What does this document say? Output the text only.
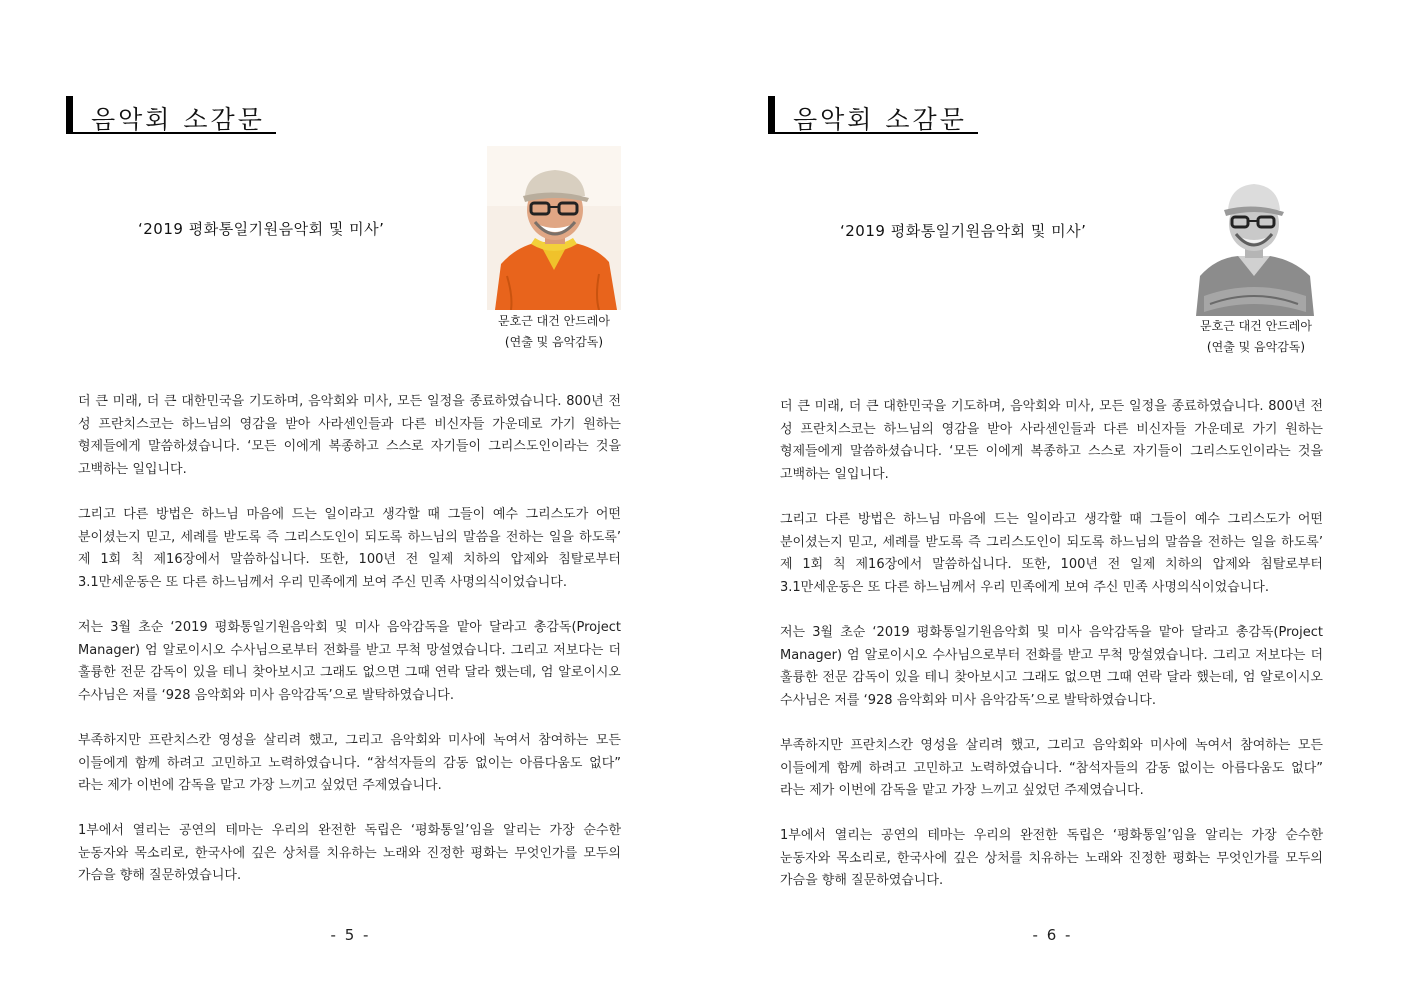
음악회 소감문
‘2019 평화통일기원음악회 및 미사’
문호근 대건 안드레아
(연출 및 음악감독)

더 큰 미래, 더 큰 대한민국을 기도하며, 음악회와 미사, 모든 일정을 종료하였습니다. 800년 전 성 프란치스코는 하느님의 영감을 받아 사라센인들과 다른 비신자들 가운데로 가기 원하는 형제들에게 말씀하셨습니다. ‘모든 이에게 복종하고 스스로 자기들이 그리스도인이라는 것을 고백하는 일입니다.

그리고 다른 방법은 하느님 마음에 드는 일이라고 생각할 때 그들이 예수 그리스도가 어떤 분이셨는지 믿고, 세례를 받도록 즉 그리스도인이 되도록 하느님의 말씀을 전하는 일을 하도록’ 제 1회 칙 제16장에서 말씀하십니다. 또한, 100년 전 일제 치하의 압제와 침탈로부터 3.1만세운동은 또 다른 하느님께서 우리 민족에게 보여 주신 민족 사명의식이었습니다.

저는 3월 초순 ‘2019 평화통일기원음악회 및 미사 음악감독을 맡아 달라고 총감독(Project Manager) 엄 알로이시오 수사님으로부터 전화를 받고 무척 망설였습니다. 그리고 저보다는 더 훌륭한 전문 감독이 있을 테니 찾아보시고 그래도 없으면 그때 연락 달라 했는데, 엄 알로이시오 수사님은 저를 ‘928 음악회와 미사 음악감독’으로 발탁하였습니다.

부족하지만 프란치스칸 영성을 살리려 했고, 그리고 음악회와 미사에 녹여서 참여하는 모든 이들에게 함께 하려고 고민하고 노력하였습니다. “참석자들의 감동 없이는 아름다움도 없다” 라는 제가 이번에 감독을 맡고 가장 느끼고 싶었던 주제였습니다.

1부에서 열리는 공연의 테마는 우리의 완전한 독립은 ‘평화통일’임을 알리는 가장 순수한 눈동자와 목소리로, 한국사에 깊은 상처를 치유하는 노래와 진정한 평화는 무엇인가를 모두의 가슴을 향해 질문하였습니다.

- 5 -
음악회 소감문
‘2019 평화통일기원음악회 및 미사’
문호근 대건 안드레아
(연출 및 음악감독)

더 큰 미래, 더 큰 대한민국을 기도하며, 음악회와 미사, 모든 일정을 종료하였습니다. 800년 전 성 프란치스코는 하느님의 영감을 받아 사라센인들과 다른 비신자들 가운데로 가기 원하는 형제들에게 말씀하셨습니다. ‘모든 이에게 복종하고 스스로 자기들이 그리스도인이라는 것을 고백하는 일입니다.

그리고 다른 방법은 하느님 마음에 드는 일이라고 생각할 때 그들이 예수 그리스도가 어떤 분이셨는지 믿고, 세례를 받도록 즉 그리스도인이 되도록 하느님의 말씀을 전하는 일을 하도록’ 제 1회 칙 제16장에서 말씀하십니다. 또한, 100년 전 일제 치하의 압제와 침탈로부터 3.1만세운동은 또 다른 하느님께서 우리 민족에게 보여 주신 민족 사명의식이었습니다.

저는 3월 초순 ‘2019 평화통일기원음악회 및 미사 음악감독을 맡아 달라고 총감독(Project Manager) 엄 알로이시오 수사님으로부터 전화를 받고 무척 망설였습니다. 그리고 저보다는 더 훌륭한 전문 감독이 있을 테니 찾아보시고 그래도 없으면 그때 연락 달라 했는데, 엄 알로이시오 수사님은 저를 ‘928 음악회와 미사 음악감독’으로 발탁하였습니다.

부족하지만 프란치스칸 영성을 살리려 했고, 그리고 음악회와 미사에 녹여서 참여하는 모든 이들에게 함께 하려고 고민하고 노력하였습니다. “참석자들의 감동 없이는 아름다움도 없다” 라는 제가 이번에 감독을 맡고 가장 느끼고 싶었던 주제였습니다.

1부에서 열리는 공연의 테마는 우리의 완전한 독립은 ‘평화통일’임을 알리는 가장 순수한 눈동자와 목소리로, 한국사에 깊은 상처를 치유하는 노래와 진정한 평화는 무엇인가를 모두의 가슴을 향해 질문하였습니다.

- 6 -
